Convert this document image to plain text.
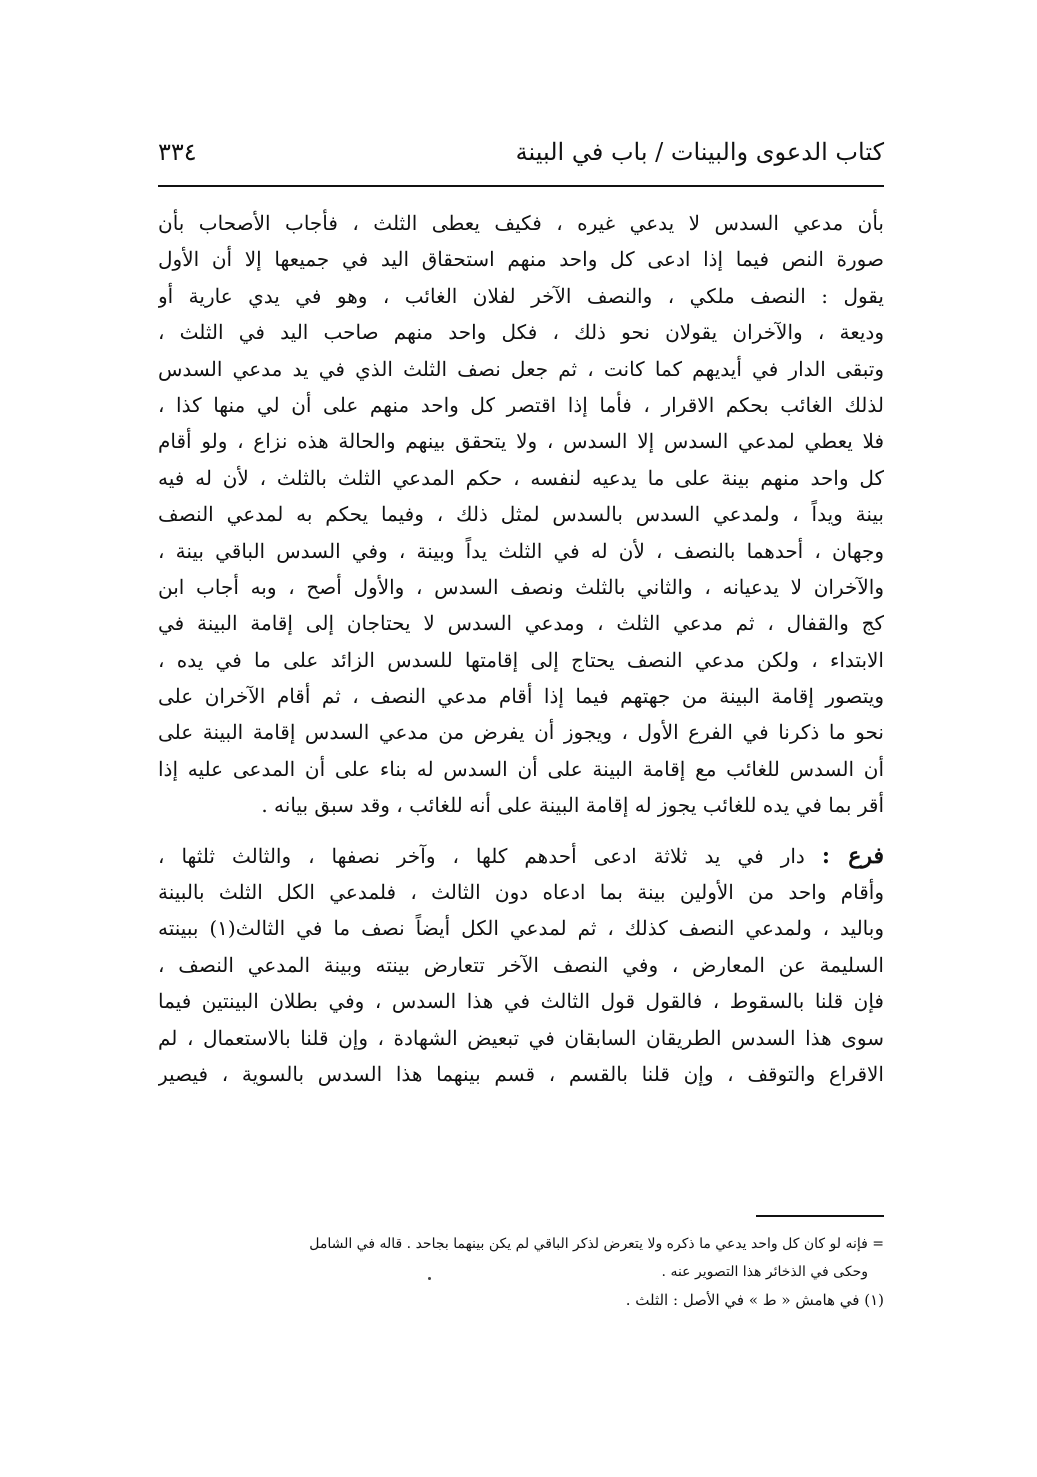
كتاب الدعوى والبينات / باب في البينة
٣٣٤
بأن مدعي السدس لا يدعي غيره ، فكيف يعطى الثلث ، فأجاب الأصحاب بأن
صورة النص فيما إذا ادعى كل واحد منهم استحقاق اليد في جميعها إلا أن الأول
يقول : النصف ملكي ، والنصف الآخر لفلان الغائب ، وهو في يدي عارية أو
وديعة ، والآخران يقولان نحو ذلك ، فكل واحد منهم صاحب اليد في الثلث ،
وتبقى الدار في أيديهم كما كانت ، ثم جعل نصف الثلث الذي في يد مدعي السدس
لذلك الغائب بحكم الاقرار ، فأما إذا اقتصر كل واحد منهم على أن لي منها كذا ،
فلا يعطي لمدعي السدس إلا السدس ، ولا يتحقق بينهم والحالة هذه نزاع ، ولو أقام
كل واحد منهم بينة على ما يدعيه لنفسه ، حكم المدعي الثلث بالثلث ، لأن له فيه
بينة ويداً ، ولمدعي السدس بالسدس لمثل ذلك ، وفيما يحكم به لمدعي النصف
وجهان ، أحدهما بالنصف ، لأن له في الثلث يداً وبينة ، وفي السدس الباقي بينة ،
والآخران لا يدعيانه ، والثاني بالثلث ونصف السدس ، والأول أصح ، وبه أجاب ابن
كج والقفال ، ثم مدعي الثلث ، ومدعي السدس لا يحتاجان إلى إقامة البينة في
الابتداء ، ولكن مدعي النصف يحتاج إلى إقامتها للسدس الزائد على ما في يده ،
ويتصور إقامة البينة من جهتهم فيما إذا أقام مدعي النصف ، ثم أقام الآخران على
نحو ما ذكرنا في الفرع الأول ، ويجوز أن يفرض من مدعي السدس إقامة البينة على
أن السدس للغائب مع إقامة البينة على أن السدس له بناء على أن المدعى عليه إذا
أقر بما في يده للغائب يجوز له إقامة البينة على أنه للغائب ، وقد سبق بيانه .
فرع : دار في يد ثلاثة ادعى أحدهم كلها ، وآخر نصفها ، والثالث ثلثها ،
وأقام واحد من الأولين بينة بما ادعاه دون الثالث ، فلمدعي الكل الثلث بالبينة
وباليد ، ولمدعي النصف كذلك ، ثم لمدعي الكل أيضاً نصف ما في الثالث(١) ببينته
السليمة عن المعارض ، وفي النصف الآخر تتعارض بينته وبينة المدعي النصف ،
فإن قلنا بالسقوط ، فالقول قول الثالث في هذا السدس ، وفي بطلان البينتين فيما
سوى هذا السدس الطريقان السابقان في تبعيض الشهادة ، وإن قلنا بالاستعمال ، لم
الاقراع والتوقف ، وإن قلنا بالقسم ، قسم بينهما هذا السدس بالسوية ، فيصير
= فإنه لو كان كل واحد يدعي ما ذكره ولا يتعرض لذكر الباقي لم يكن بينهما بجاحد . قاله في الشامل
وحكى في الذخائر هذا التصوير عنه .
(١) في هامش « ط » في الأصل : الثلث .
